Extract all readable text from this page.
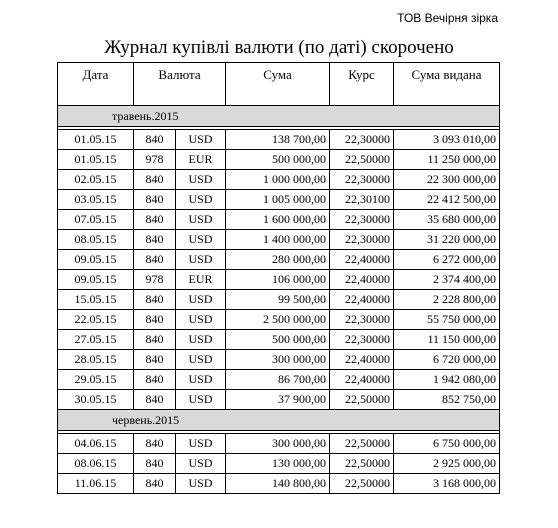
ТОВ Вечірня зірка
Журнал купівлі валюти (по даті) скорочено
Дата	Валюта		Сума	Курс	Сума видана
травень.2015					

01.05.15	840	USD	138 700,00	22,30000	3 093 010,00
01.05.15	978	EUR	500 000,00	22,50000	11 250 000,00
02.05.15	840	USD	1 000 000,00	22,30000	22 300 000,00
03.05.15	840	USD	1 005 000,00	22,30100	22 412 500,00
07.05.15	840	USD	1 600 000,00	22,30000	35 680 000,00
08.05.15	840	USD	1 400 000,00	22,30000	31 220 000,00
09.05.15	840	USD	280 000,00	22,40000	6 272 000,00
09.05.15	978	EUR	106 000,00	22,40000	2 374 400,00
15.05.15	840	USD	99 500,00	22,40000	2 228 800,00
22.05.15	840	USD	2 500 000,00	22,30000	55 750 000,00
27.05.15	840	USD	500 000,00	22,30000	11 150 000,00
28.05.15	840	USD	300 000,00	22,40000	6 720 000,00
29.05.15	840	USD	86 700,00	22,40000	1 942 080,00
30.05.15	840	USD	37 900,00	22,50000	852 750,00
червень.2015					

04.06.15	840	USD	300 000,00	22,50000	6 750 000,00
08.06.15	840	USD	130 000,00	22,50000	2 925 000,00
11.06.15	840	USD	140 800,00	22,50000	3 168 000,00
